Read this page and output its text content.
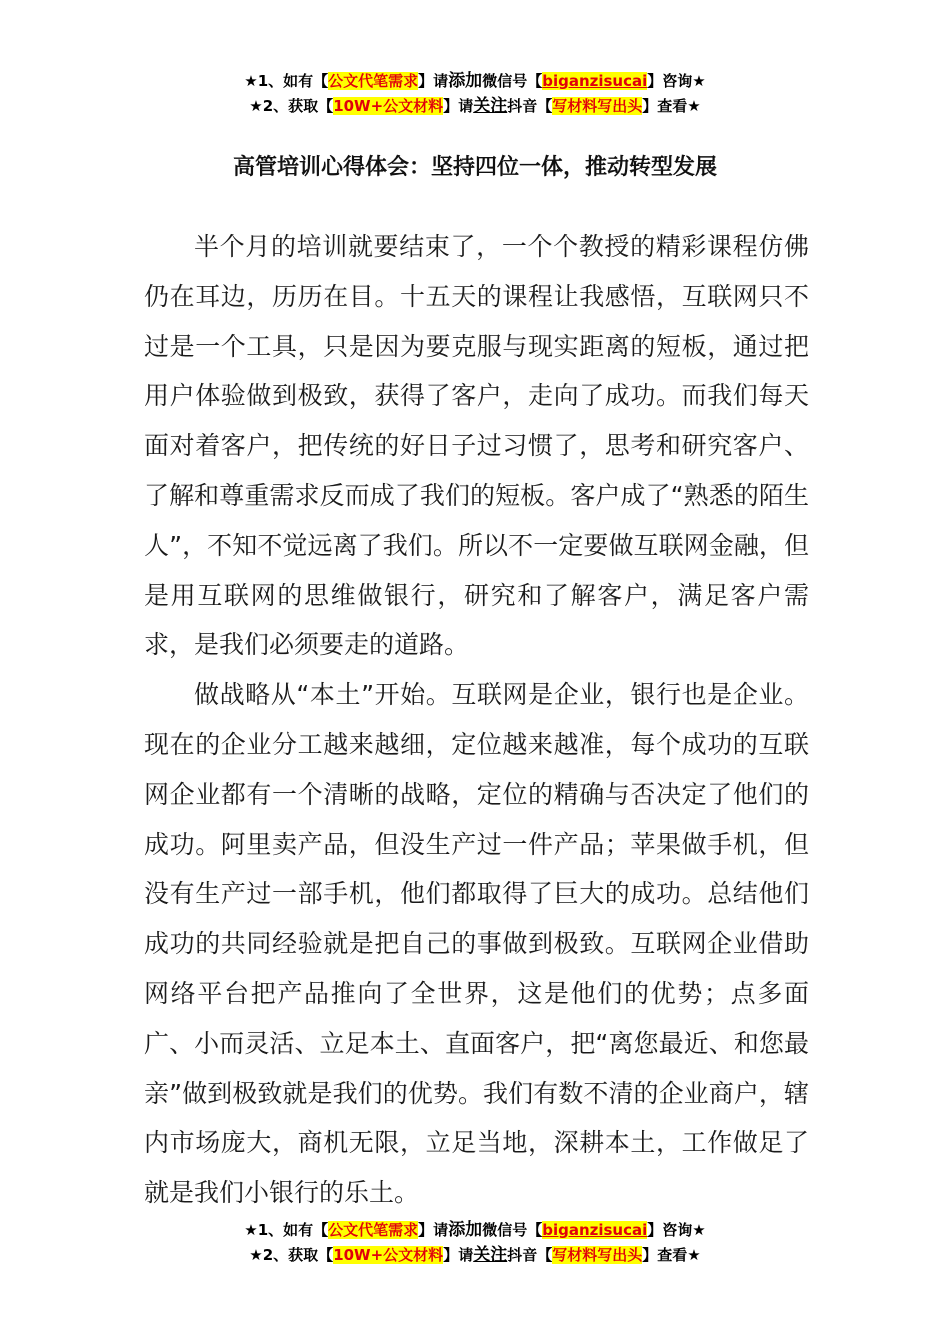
★1、如有【公文代笔需求】请添加微信号【biganzisucai】咨询★
★2、获取【10W+公文材料】请关注抖音【写材料写出头】查看★
高管培训心得体会：坚持四位一体，推动转型发展

半个月的培训就要结束了，一个个教授的精彩课程仿佛仍在耳边，历历在目。十五天的课程让我感悟，互联网只不过是一个工具，只是因为要克服与现实距离的短板，通过把用户体验做到极致，获得了客户，走向了成功。而我们每天面对着客户，把传统的好日子过习惯了，思考和研究客户、了解和尊重需求反而成了我们的短板。客户成了“熟悉的陌生人”，不知不觉远离了我们。所以不一定要做互联网金融，但是用互联网的思维做银行，研究和了解客户，满足客户需求，是我们必须要走的道路。

做战略从“本土”开始。互联网是企业，银行也是企业。现在的企业分工越来越细，定位越来越准，每个成功的互联网企业都有一个清晰的战略，定位的精确与否决定了他们的成功。阿里卖产品，但没生产过一件产品；苹果做手机，但没有生产过一部手机，他们都取得了巨大的成功。总结他们成功的共同经验就是把自己的事做到极致。互联网企业借助网络平台把产品推向了全世界，这是他们的优势；点多面广、小而灵活、立足本土、直面客户，把“离您最近、和您最亲”做到极致就是我们的优势。我们有数不清的企业商户，辖内市场庞大，商机无限，立足当地，深耕本土，工作做足了就是我们小银行的乐土。

★1、如有【公文代笔需求】请添加微信号【biganzisucai】咨询★
★2、获取【10W+公文材料】请关注抖音【写材料写出头】查看★
